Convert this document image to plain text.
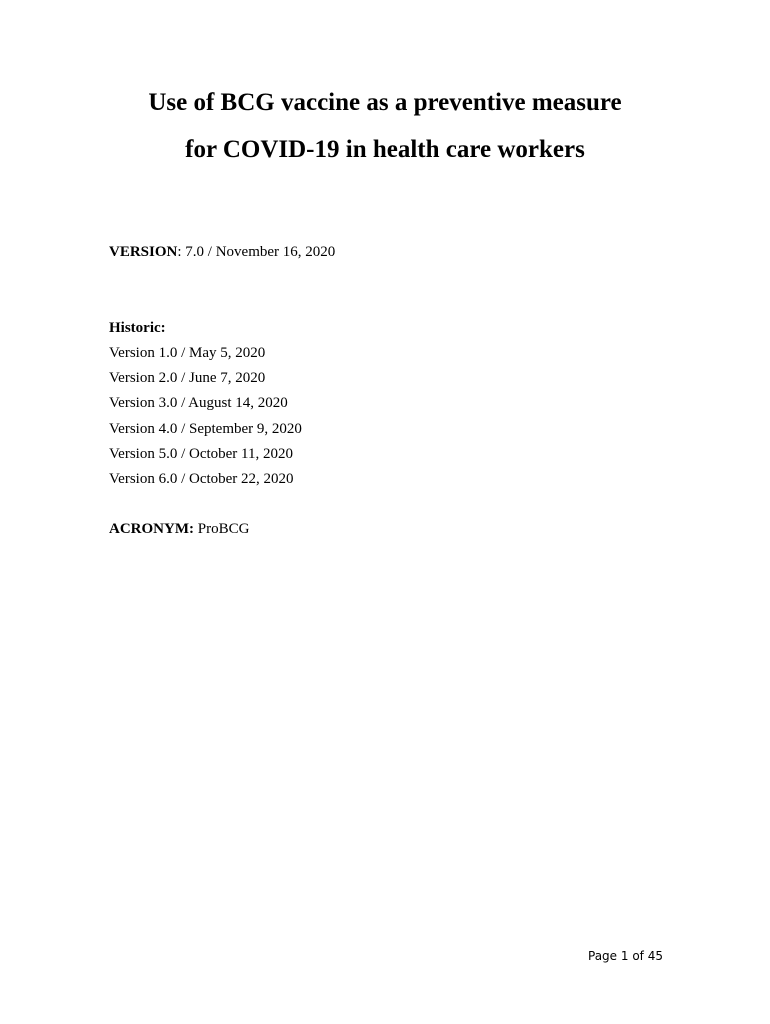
Use of BCG vaccine as a preventive measure
for COVID-19 in health care workers
VERSION: 7.0 / November 16, 2020
Historic:
Version 1.0 / May 5, 2020
Version 2.0 / June 7, 2020
Version 3.0 / August 14, 2020
Version 4.0 / September 9, 2020
Version 5.0 / October 11, 2020
Version 6.0 / October 22, 2020
ACRONYM: ProBCG
Page 1 of 45
